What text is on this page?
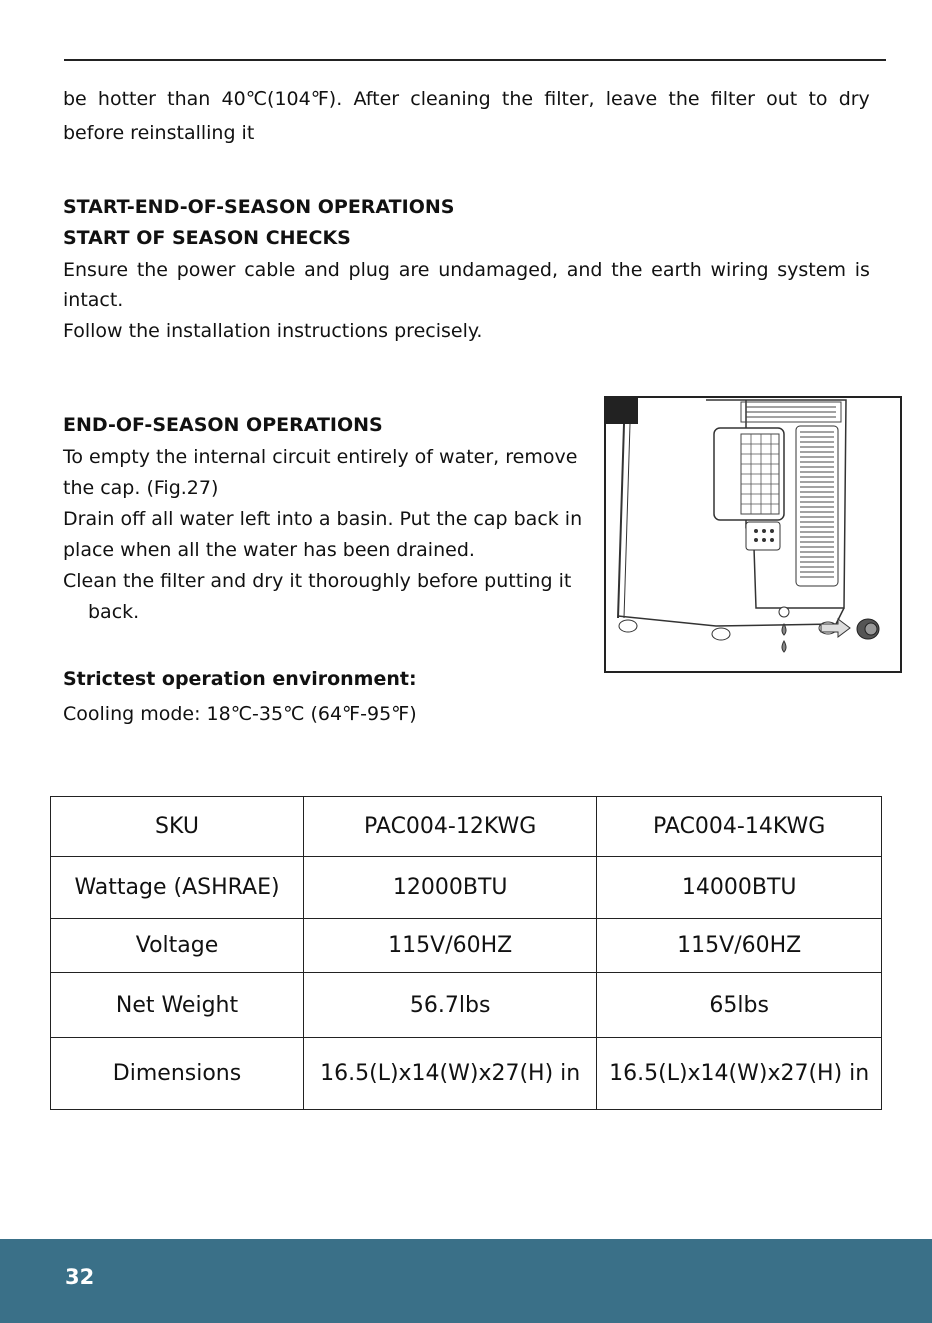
be hotter than 40℃(104℉). After cleaning the filter, leave the filter out to dry

before reinstalling it

START-END-OF-SEASON OPERATIONS

START OF SEASON CHECKS

Ensure the power cable and plug are undamaged, and the earth wiring system is

intact.

Follow the installation instructions precisely.

END-OF-SEASON OPERATIONS

To empty the internal circuit entirely of water, remove

the cap. (Fig.27)

Drain off all water left into a basin. Put the cap back in

place when all the water has been drained.

Clean the filter and dry it thoroughly before putting it

back.

Strictest operation environment:

Cooling mode: 18℃-35℃ (64℉-95℉)

SKU	PAC004-12KWG	PAC004-14KWG
Wattage (ASHRAE)	12000BTU	14000BTU
Voltage	115V/60HZ	115V/60HZ
Net Weight	56.7lbs	65lbs
Dimensions	16.5(L)x14(W)x27(H) in	16.5(L)x14(W)x27(H) in
32
